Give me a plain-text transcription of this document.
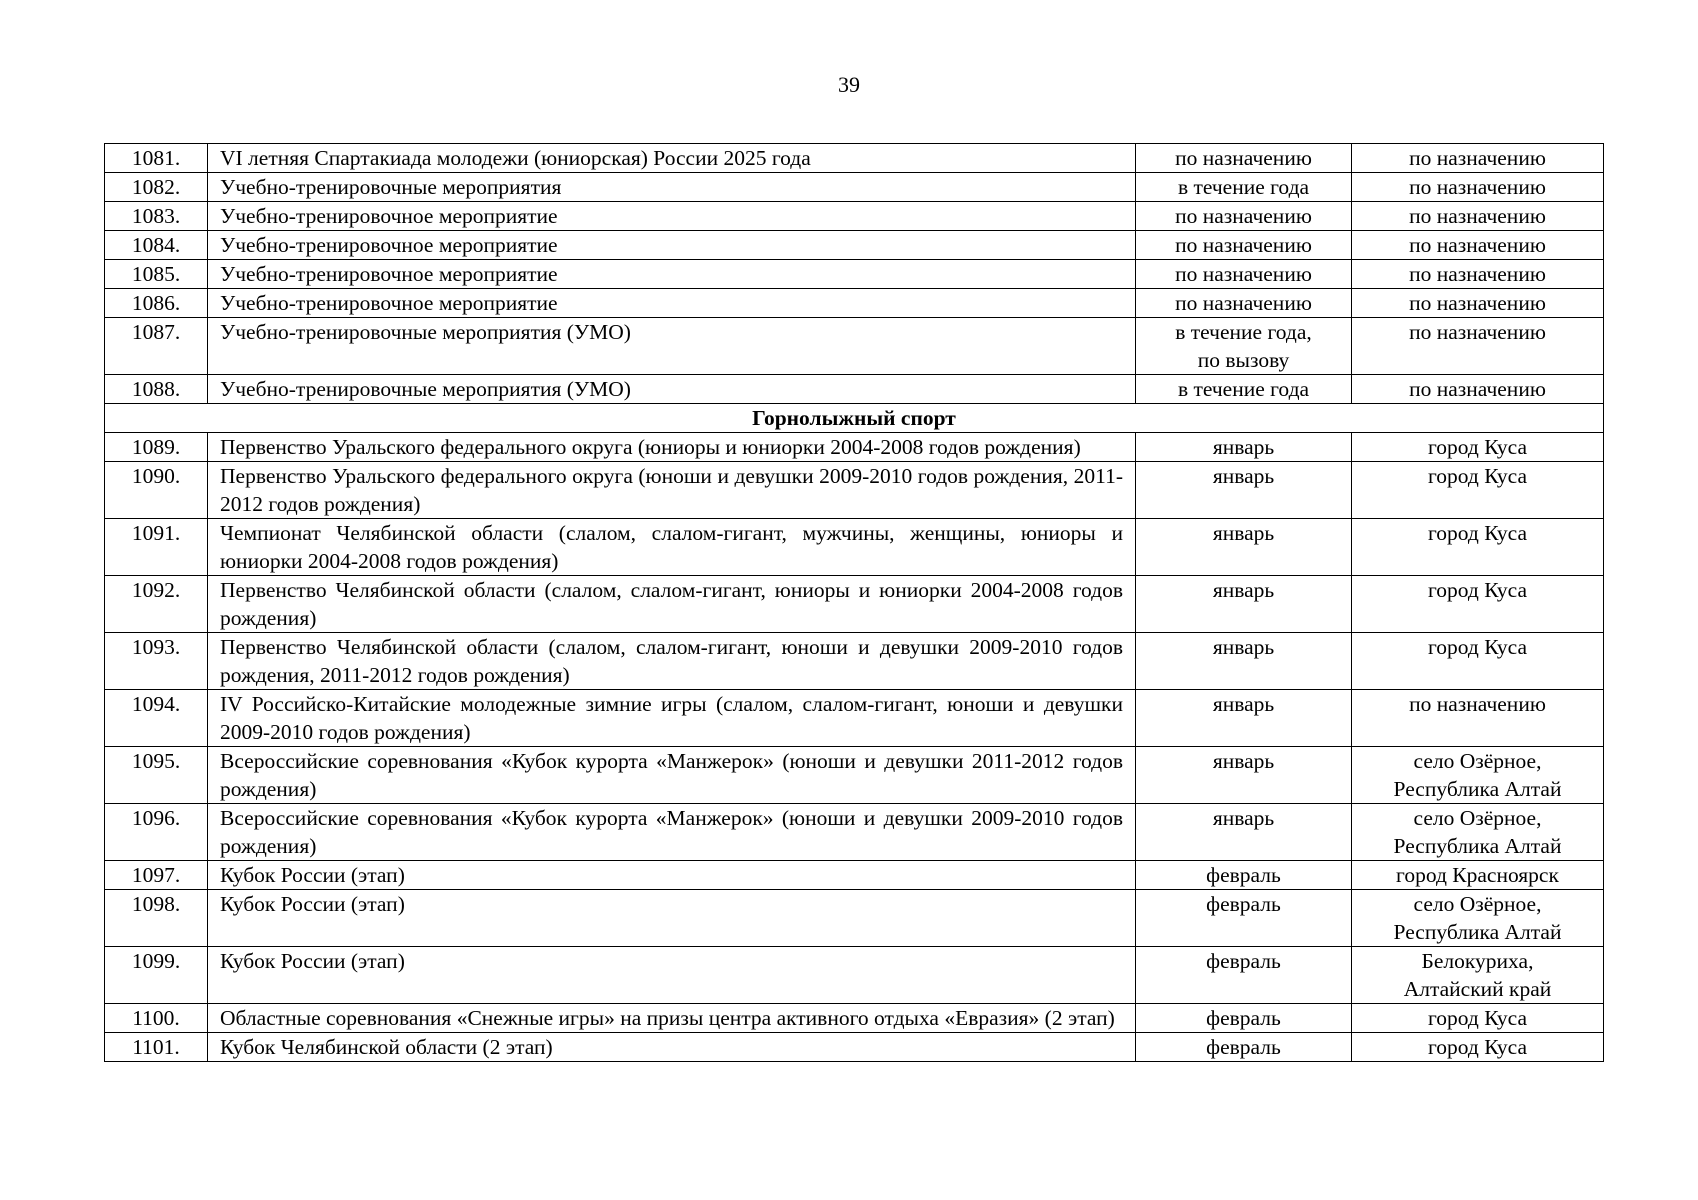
39
1081.	VI летняя Спартакиада молодежи (юниорская) России 2025 года	по назначению	по назначению

1082.	Учебно-тренировочные мероприятия	в течение года	по назначению

1083.	Учебно-тренировочное мероприятие	по назначению	по назначению

1084.	Учебно-тренировочное мероприятие	по назначению	по назначению

1085.	Учебно-тренировочное мероприятие	по назначению	по назначению

1086.	Учебно-тренировочное мероприятие	по назначению	по назначению

1087.	Учебно-тренировочные мероприятия (УМО)	в течение года,
по вызову	по назначению

1088.	Учебно-тренировочные мероприятия (УМО)	в течение года	по назначению

Горнолыжный спорт			
1089.	Первенство Уральского федерального округа (юниоры и юниорки 2004-2008 годов рождения)	январь	город Куса

1090.	Первенство Уральского федерального округа (юноши и девушки 2009-2010 годов рождения, 2011-2012 годов рождения)	январь	город Куса

1091.	Чемпионат Челябинской области (слалом, слалом-гигант, мужчины, женщины, юниоры и юниорки 2004-2008 годов рождения)	январь	город Куса

1092.	Первенство Челябинской области (слалом, слалом-гигант, юниоры и юниорки 2004-2008 годов рождения)	январь	город Куса

1093.	Первенство Челябинской области (слалом, слалом-гигант, юноши и девушки 2009-2010 годов рождения, 2011-2012 годов рождения)	январь	город Куса

1094.	IV Российско-Китайские молодежные зимние игры (слалом, слалом-гигант, юноши и девушки 2009-2010 годов рождения)	январь	по назначению

1095.	Всероссийские соревнования «Кубок курорта «Манжерок» (юноши и девушки 2011-2012 годов рождения)	январь	село Озёрное,
Республика Алтай

1096.	Всероссийские соревнования «Кубок курорта «Манжерок» (юноши и девушки 2009-2010 годов рождения)	январь	село Озёрное,
Республика Алтай

1097.	Кубок России (этап)	февраль	город Красноярск

1098.	Кубок России (этап)	февраль	село Озёрное,
Республика Алтай

1099.	Кубок России (этап)	февраль	Белокуриха,
Алтайский край

1100.	Областные соревнования «Снежные игры» на призы центра активного отдыха «Евразия» (2 этап)	февраль	город Куса

1101.	Кубок Челябинской области (2 этап)	февраль	город Куса
